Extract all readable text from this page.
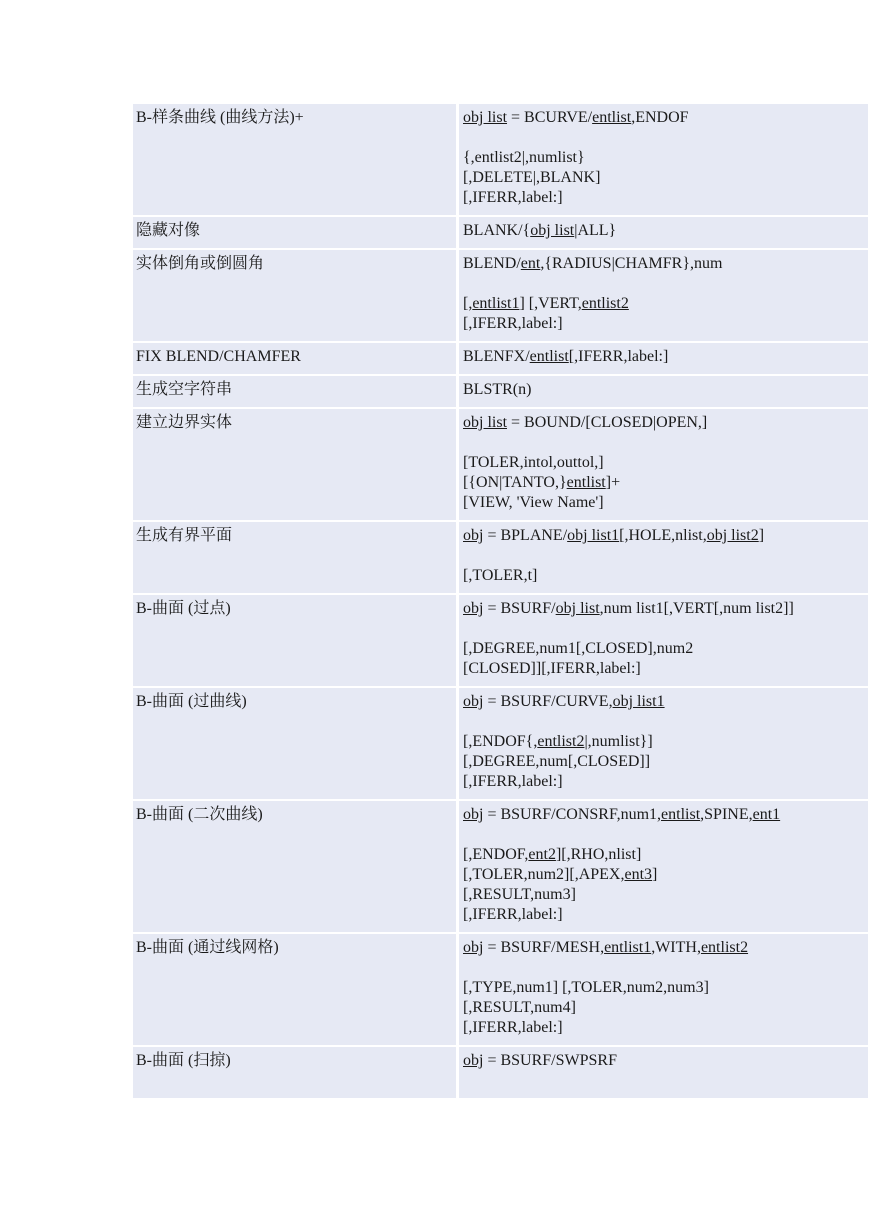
B-样条曲线 (曲线方法)+	obj list = BCURVE/entlist,ENDOF
{,entlist2|,numlist}
[,DELETE|,BLANK]
[,IFERR,label:]
隐藏对像	BLANK/{obj list|ALL}
实体倒角或倒圆角	BLEND/ent,{RADIUS|CHAMFR},num
[,entlist1] [,VERT,entlist2
[,IFERR,label:]
FIX BLEND/CHAMFER	BLENFX/entlist[,IFERR,label:]
生成空字符串	BLSTR(n)
建立边界实体	obj list = BOUND/[CLOSED|OPEN,]
[TOLER,intol,outtol,]
[{ON|TANTO,}entlist]+
[VIEW, 'View Name']
生成有界平面	obj = BPLANE/obj list1[,HOLE,nlist,obj list2]
[,TOLER,t]
B-曲面 (过点)	obj = BSURF/obj list,num list1[,VERT[,num list2]]
[,DEGREE,num1[,CLOSED],num2
[CLOSED]][,IFERR,label:]
B-曲面 (过曲线)	obj = BSURF/CURVE,obj list1
[,ENDOF{,entlist2|,numlist}]
[,DEGREE,num[,CLOSED]]
[,IFERR,label:]
B-曲面 (二次曲线)	obj = BSURF/CONSRF,num1,entlist,SPINE,ent1
[,ENDOF,ent2][,RHO,nlist]
[,TOLER,num2][,APEX,ent3]
[,RESULT,num3]
[,IFERR,label:]
B-曲面 (通过线网格)	obj = BSURF/MESH,entlist1,WITH,entlist2
[,TYPE,num1] [,TOLER,num2,num3]
[,RESULT,num4]
[,IFERR,label:]
B-曲面 (扫掠)	obj = BSURF/SWPSRF
